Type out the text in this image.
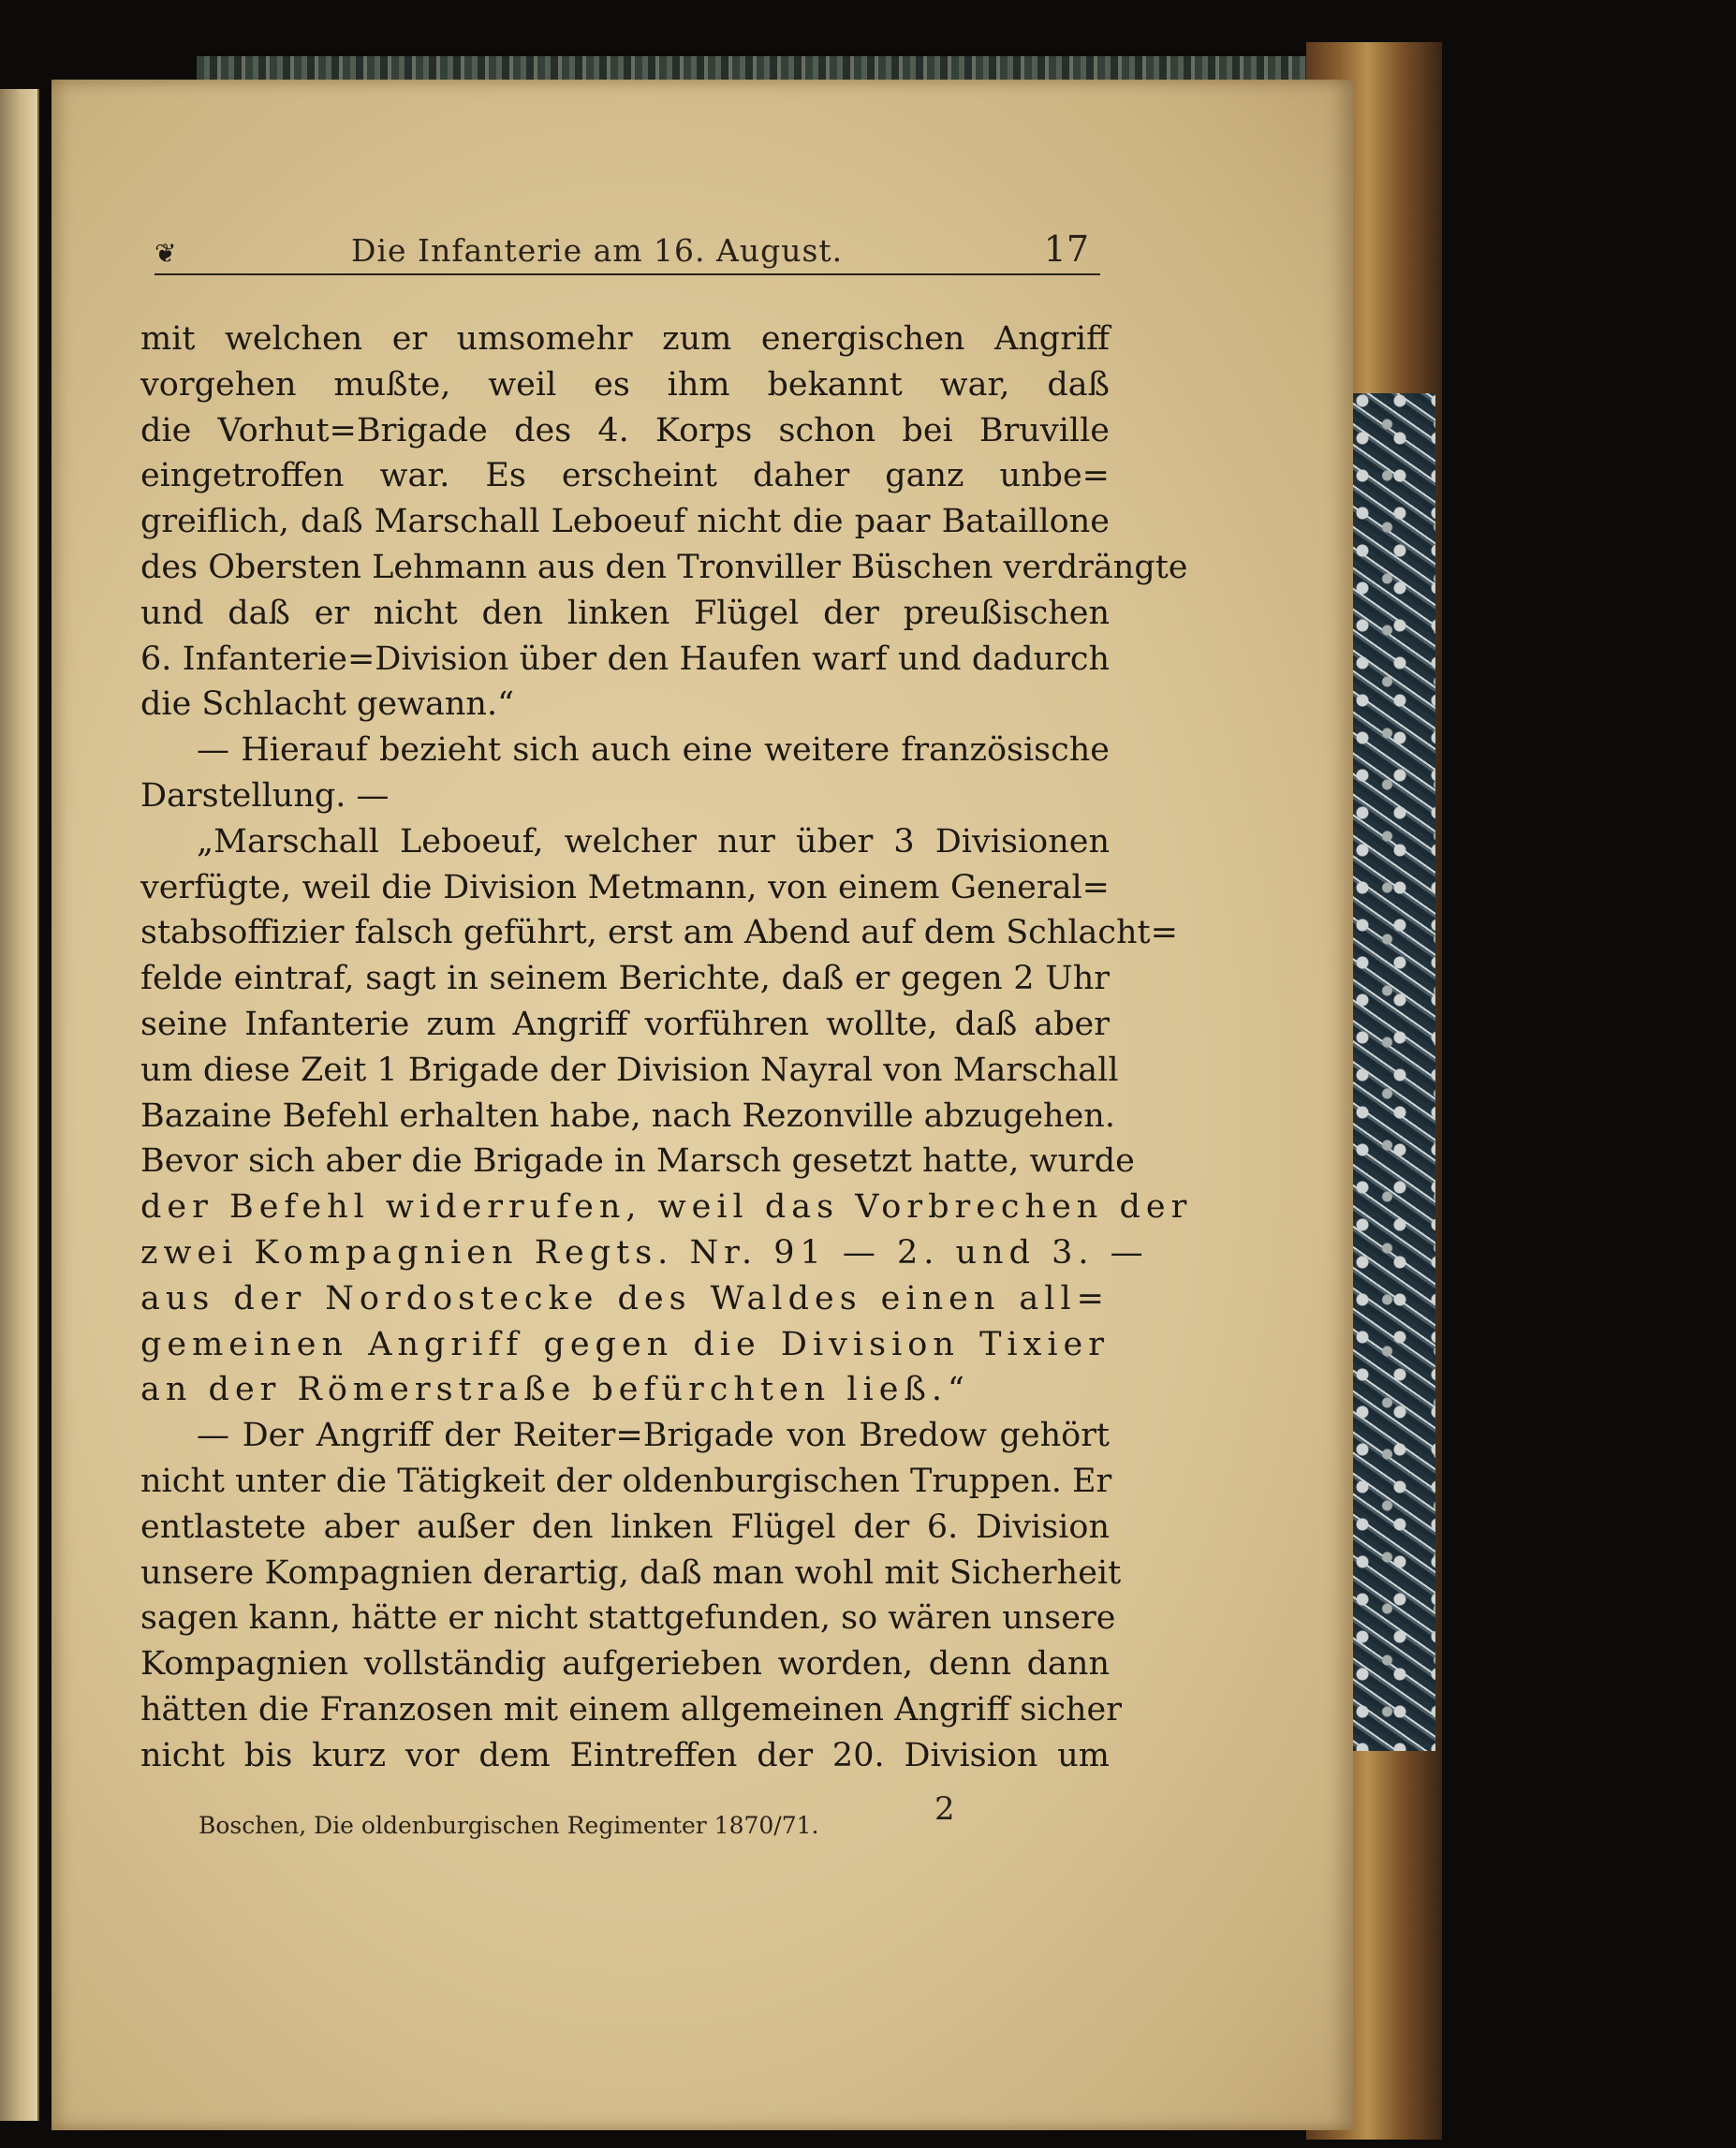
❦	Die Infanterie am 16. August.	17
mit welchen er umsomehr zum energischen Angriff
vorgehen mußte, weil es ihm bekannt war, daß
die Vorhut=Brigade des 4. Korps schon bei Bruville
eingetroffen war. Es erscheint daher ganz unbe=
greiflich, daß Marschall Leboeuf nicht die paar Bataillone
des Obersten Lehmann aus den Tronviller Büschen verdrängte
und daß er nicht den linken Flügel der preußischen
6. Infanterie=Division über den Haufen warf und dadurch
die Schlacht gewann.“
— Hierauf bezieht sich auch eine weitere französische
Darstellung. —
„Marschall Leboeuf, welcher nur über 3 Divisionen
verfügte, weil die Division Metmann, von einem General=
stabsoffizier falsch geführt, erst am Abend auf dem Schlacht=
felde eintraf, sagt in seinem Berichte, daß er gegen 2 Uhr
seine Infanterie zum Angriff vorführen wollte, daß aber
um diese Zeit 1 Brigade der Division Nayral von Marschall
Bazaine Befehl erhalten habe, nach Rezonville abzugehen.
Bevor sich aber die Brigade in Marsch gesetzt hatte, wurde
der Befehl widerrufen, weil das Vorbrechen der
zwei Kompagnien Regts. Nr. 91 — 2. und 3. —
aus der Nordostecke des Waldes einen all=
gemeinen Angriff gegen die Division Tixier
an der Römerstraße befürchten ließ.“
— Der Angriff der Reiter=Brigade von Bredow gehört
nicht unter die Tätigkeit der oldenburgischen Truppen. Er
entlastete aber außer den linken Flügel der 6. Division
unsere Kompagnien derartig, daß man wohl mit Sicherheit
sagen kann, hätte er nicht stattgefunden, so wären unsere
Kompagnien vollständig aufgerieben worden, denn dann
hätten die Franzosen mit einem allgemeinen Angriff sicher
nicht bis kurz vor dem Eintreffen der 20. Division um
Boschen, Die oldenburgischen Regimenter 1870/71.	2
